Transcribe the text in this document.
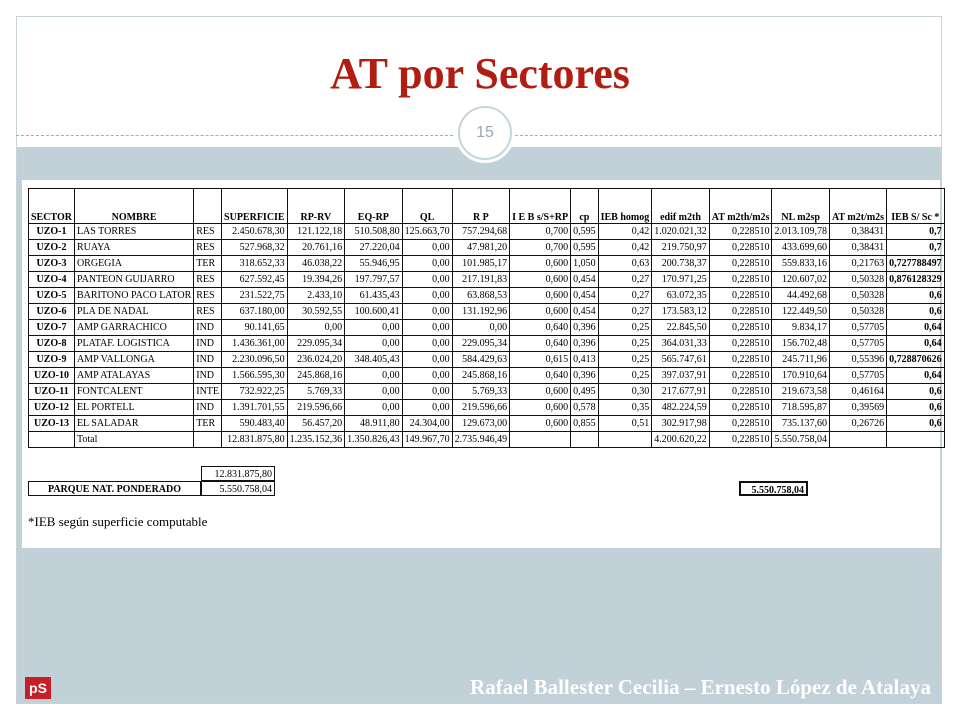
AT por Sectores
15
SECTOR	NOMBRE		SUPERFICIE	RP-RV	EQ-RP	QL	R P	I E B s/S+RP	cp	IEB homog	edif m2th	AT m2th/m2s	NL m2sp	AT m2t/m2s	IEB S/ Sc *
UZO-1	LAS TORRES	RES	2.450.678,30	121.122,18	510.508,80	125.663,70	757.294,68	0,700	0,595	0,42	1.020.021,32	0,228510	2.013.109,78	0,38431	0,7
UZO-2	RUAYA	RES	527.968,32	20.761,16	27.220,04	0,00	47.981,20	0,700	0,595	0,42	219.750,97	0,228510	433.699,60	0,38431	0,7
UZO-3	ORGEGIA	TER	318.652,33	46.038,22	55.946,95	0,00	101.985,17	0,600	1,050	0,63	200.738,37	0,228510	559.833,16	0,21763	0,727788497
UZO-4	PANTEON GUIJARRO	RES	627.592,45	19.394,26	197.797,57	0,00	217.191,83	0,600	0,454	0,27	170.971,25	0,228510	120.607,02	0,50328	0,876128329
UZO-5	BARITONO PACO LATOR	RES	231.522,75	2.433,10	61.435,43	0,00	63.868,53	0,600	0,454	0,27	63.072,35	0,228510	44.492,68	0,50328	0,6
UZO-6	PLA DE NADAL	RES	637.180,00	30.592,55	100.600,41	0,00	131.192,96	0,600	0,454	0,27	173.583,12	0,228510	122.449,50	0,50328	0,6
UZO-7	AMP GARRACHICO	IND	90.141,65	0,00	0,00	0,00	0,00	0,640	0,396	0,25	22.845,50	0,228510	9.834,17	0,57705	0,64
UZO-8	PLATAF. LOGISTICA	IND	1.436.361,00	229.095,34	0,00	0,00	229.095,34	0,640	0,396	0,25	364.031,33	0,228510	156.702,48	0,57705	0,64
UZO-9	AMP VALLONGA	IND	2.230.096,50	236.024,20	348.405,43	0,00	584.429,63	0,615	0,413	0,25	565.747,61	0,228510	245.711,96	0,55396	0,728870626
UZO-10	AMP ATALAYAS	IND	1.566.595,30	245.868,16	0,00	0,00	245.868,16	0,640	0,396	0,25	397.037,91	0,228510	170.910,64	0,57705	0,64
UZO-11	FONTCALENT	INTE	732.922,25	5.769,33	0,00	0,00	5.769,33	0,600	0,495	0,30	217.677,91	0,228510	219.673,58	0,46164	0,6
UZO-12	EL PORTELL	IND	1.391.701,55	219.596,66	0,00	0,00	219.596,66	0,600	0,578	0,35	482.224,59	0,228510	718.595,87	0,39569	0,6
UZO-13	EL SALADAR	TER	590.483,40	56.457,20	48.911,80	24.304,00	129.673,00	0,600	0,855	0,51	302.917,98	0,228510	735.137,60	0,26726	0,6
	Total		12.831.875,80	1.235.152,36	1.350.826,43	149.967,70	2.735.946,49				4.200.620,22	0,228510	5.550.758,04		
12.831.875,80
PARQUE NAT. PONDERADO	5.550.758,04	5.550.758,04
*IEB según superficie computable
pS	Rafael Ballester Cecilia – Ernesto López de Atalaya
